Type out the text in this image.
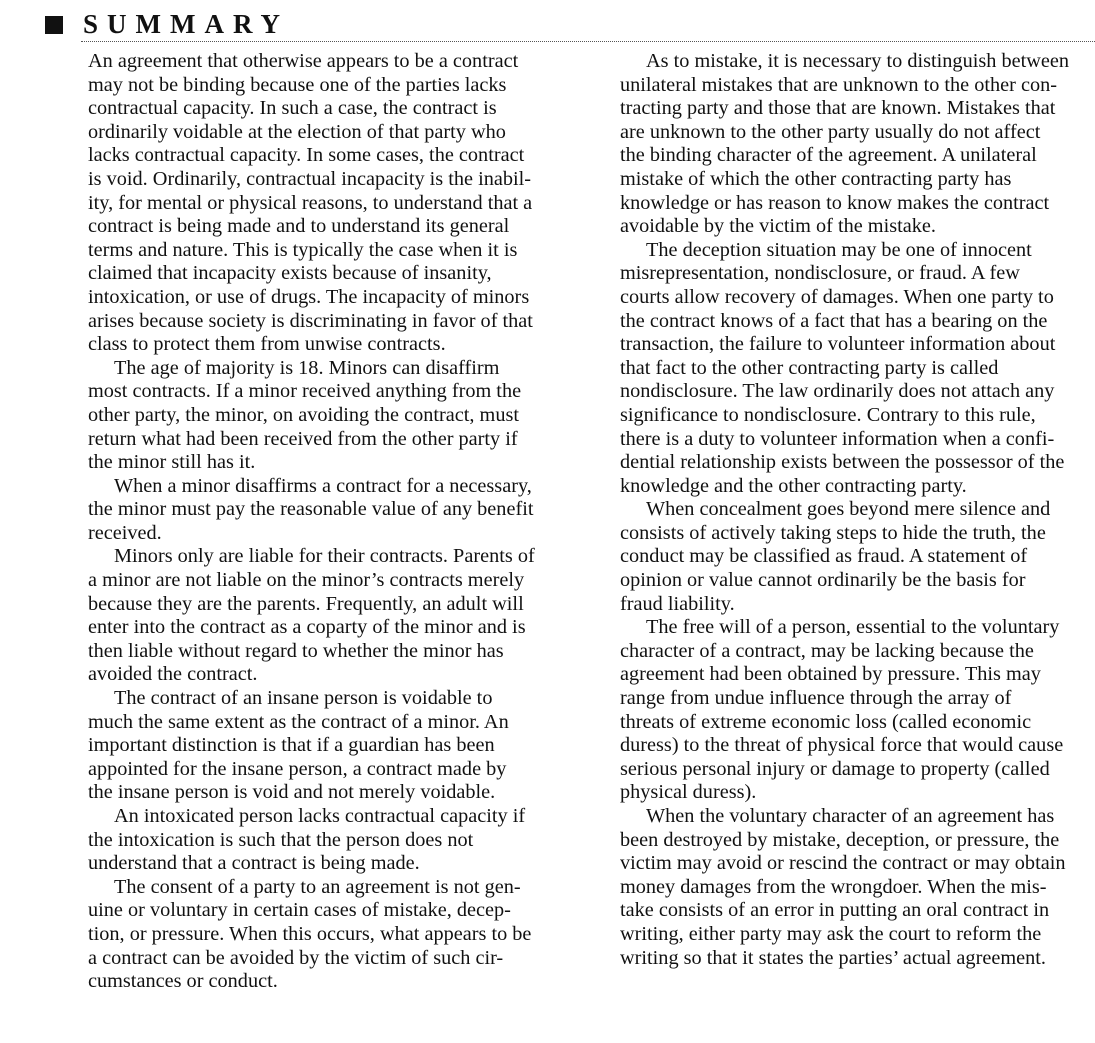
SUMMARY
An agreement that otherwise appears to be a contract
may not be binding because one of the parties lacks
contractual capacity. In such a case, the contract is
ordinarily voidable at the election of that party who
lacks contractual capacity. In some cases, the contract
is void. Ordinarily, contractual incapacity is the inabil-
ity, for mental or physical reasons, to understand that a
contract is being made and to understand its general
terms and nature. This is typically the case when it is
claimed that incapacity exists because of insanity,
intoxication, or use of drugs. The incapacity of minors
arises because society is discriminating in favor of that
class to protect them from unwise contracts.
The age of majority is 18. Minors can disaffirm
most contracts. If a minor received anything from the
other party, the minor, on avoiding the contract, must
return what had been received from the other party if
the minor still has it.
When a minor disaffirms a contract for a necessary,
the minor must pay the reasonable value of any benefit
received.
Minors only are liable for their contracts. Parents of
a minor are not liable on the minor’s contracts merely
because they are the parents. Frequently, an adult will
enter into the contract as a coparty of the minor and is
then liable without regard to whether the minor has
avoided the contract.
The contract of an insane person is voidable to
much the same extent as the contract of a minor. An
important distinction is that if a guardian has been
appointed for the insane person, a contract made by
the insane person is void and not merely voidable.
An intoxicated person lacks contractual capacity if
the intoxication is such that the person does not
understand that a contract is being made.
The consent of a party to an agreement is not gen-
uine or voluntary in certain cases of mistake, decep-
tion, or pressure. When this occurs, what appears to be
a contract can be avoided by the victim of such cir-
cumstances or conduct.
As to mistake, it is necessary to distinguish between
unilateral mistakes that are unknown to the other con-
tracting party and those that are known. Mistakes that
are unknown to the other party usually do not affect
the binding character of the agreement. A unilateral
mistake of which the other contracting party has
knowledge or has reason to know makes the contract
avoidable by the victim of the mistake.
The deception situation may be one of innocent
misrepresentation, nondisclosure, or fraud. A few
courts allow recovery of damages. When one party to
the contract knows of a fact that has a bearing on the
transaction, the failure to volunteer information about
that fact to the other contracting party is called
nondisclosure. The law ordinarily does not attach any
significance to nondisclosure. Contrary to this rule,
there is a duty to volunteer information when a confi-
dential relationship exists between the possessor of the
knowledge and the other contracting party.
When concealment goes beyond mere silence and
consists of actively taking steps to hide the truth, the
conduct may be classified as fraud. A statement of
opinion or value cannot ordinarily be the basis for
fraud liability.
The free will of a person, essential to the voluntary
character of a contract, may be lacking because the
agreement had been obtained by pressure. This may
range from undue influence through the array of
threats of extreme economic loss (called economic
duress) to the threat of physical force that would cause
serious personal injury or damage to property (called
physical duress).
When the voluntary character of an agreement has
been destroyed by mistake, deception, or pressure, the
victim may avoid or rescind the contract or may obtain
money damages from the wrongdoer. When the mis-
take consists of an error in putting an oral contract in
writing, either party may ask the court to reform the
writing so that it states the parties’ actual agreement.
